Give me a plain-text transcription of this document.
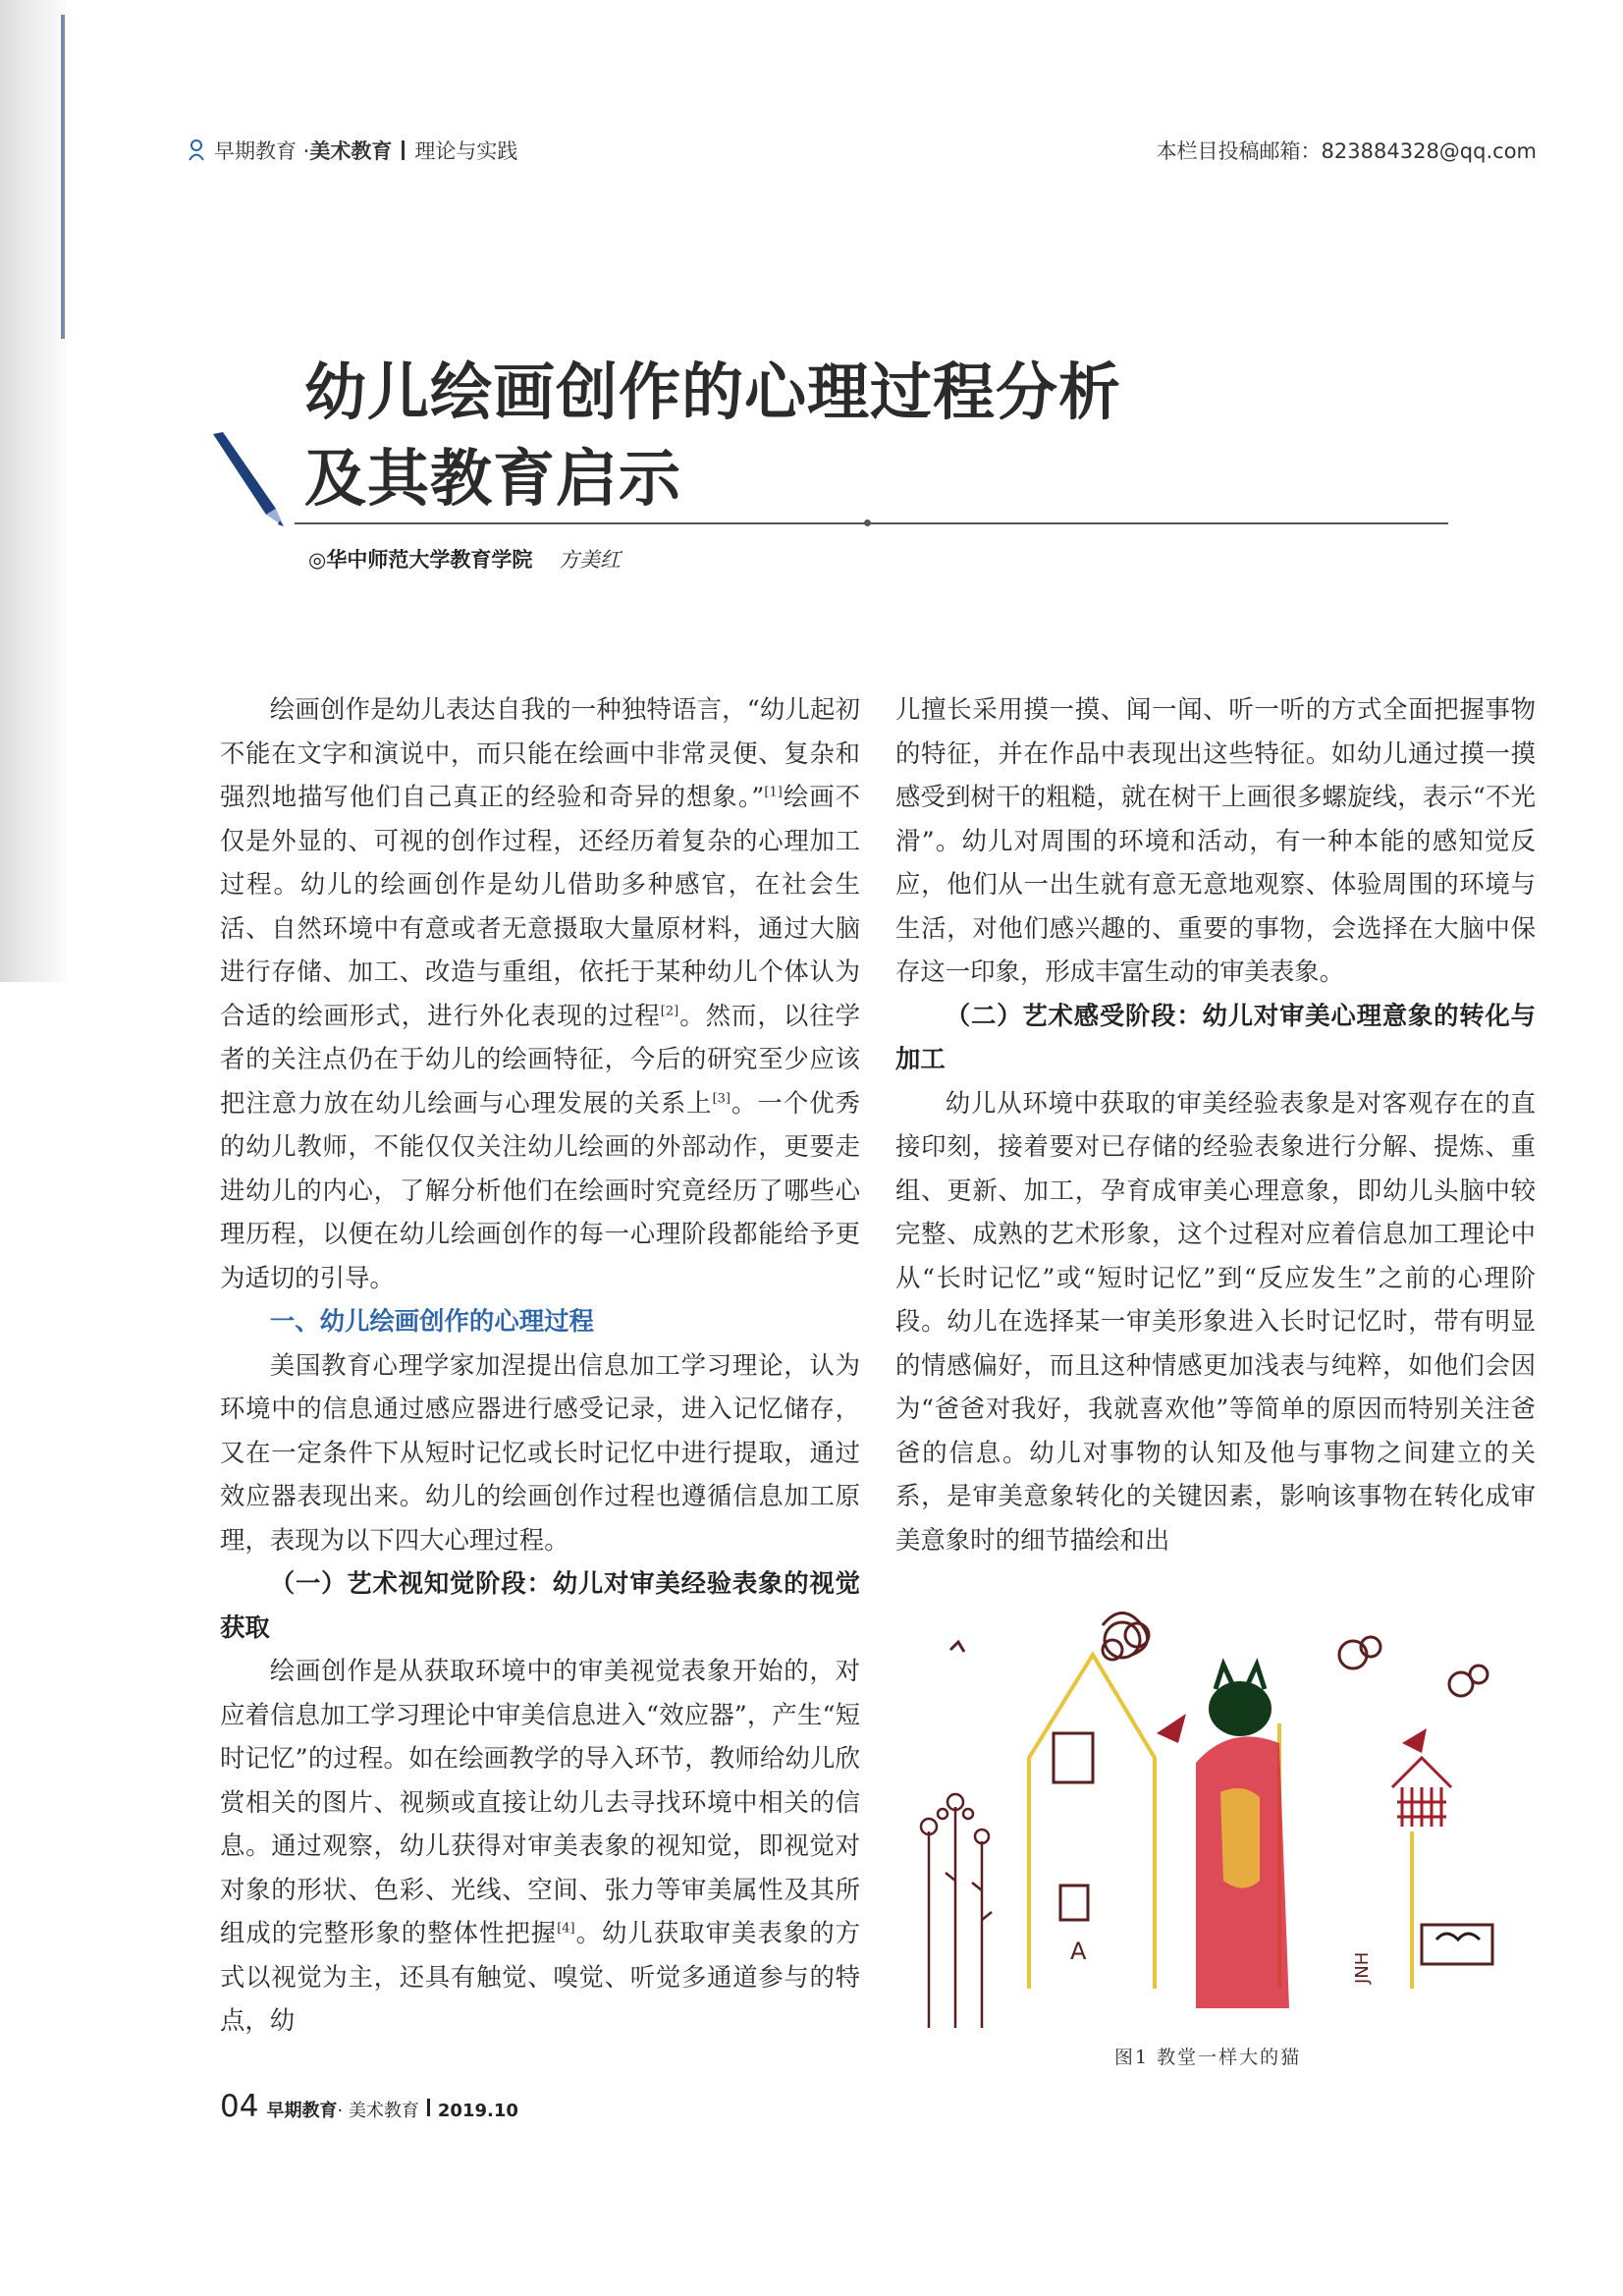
早期教育 · 美术教育 理论与实践	本栏目投稿邮箱：823884328@qq.com
幼儿绘画创作的心理过程分析
及其教育启示
◎华中师范大学教育学院 方美红

绘画创作是幼儿表达自我的一种独特语言，“幼儿起初不能在文字和演说中，而只能在绘画中非常灵便、复杂和强烈地描写他们自己真正的经验和奇异的想象。”[1]绘画不仅是外显的、可视的创作过程，还经历着复杂的心理加工过程。幼儿的绘画创作是幼儿借助多种感官，在社会生活、自然环境中有意或者无意摄取大量原材料，通过大脑进行存储、加工、改造与重组，依托于某种幼儿个体认为合适的绘画形式，进行外化表现的过程[2]。然而，以往学者的关注点仍在于幼儿的绘画特征，今后的研究至少应该把注意力放在幼儿绘画与心理发展的关系上[3]。一个优秀的幼儿教师，不能仅仅关注幼儿绘画的外部动作，更要走进幼儿的内心，了解分析他们在绘画时究竟经历了哪些心理历程，以便在幼儿绘画创作的每一心理阶段都能给予更为适切的引导。

一、幼儿绘画创作的心理过程

美国教育心理学家加涅提出信息加工学习理论，认为环境中的信息通过感应器进行感受记录，进入记忆储存，又在一定条件下从短时记忆或长时记忆中进行提取，通过效应器表现出来。幼儿的绘画创作过程也遵循信息加工原理，表现为以下四大心理过程。

（一）艺术视知觉阶段：幼儿对审美经验表象的视觉获取

绘画创作是从获取环境中的审美视觉表象开始的，对应着信息加工学习理论中审美信息进入“效应器”，产生“短时记忆”的过程。如在绘画教学的导入环节，教师给幼儿欣赏相关的图片、视频或直接让幼儿去寻找环境中相关的信息。通过观察，幼儿获得对审美表象的视知觉，即视觉对对象的形状、色彩、光线、空间、张力等审美属性及其所组成的完整形象的整体性把握[4]。幼儿获取审美表象的方式以视觉为主，还具有触觉、嗅觉、听觉多通道参与的特点，幼

儿擅长采用摸一摸、闻一闻、听一听的方式全面把握事物的特征，并在作品中表现出这些特征。如幼儿通过摸一摸感受到树干的粗糙，就在树干上画很多螺旋线，表示“不光滑”。幼儿对周围的环境和活动，有一种本能的感知觉反应，他们从一出生就有意无意地观察、体验周围的环境与生活，对他们感兴趣的、重要的事物，会选择在大脑中保存这一印象，形成丰富生动的审美表象。

（二）艺术感受阶段：幼儿对审美心理意象的转化与加工

幼儿从环境中获取的审美经验表象是对客观存在的直接印刻，接着要对已存储的经验表象进行分解、提炼、重组、更新、加工，孕育成审美心理意象，即幼儿头脑中较完整、成熟的艺术形象，这个过程对应着信息加工理论中从“长时记忆”或“短时记忆”到“反应发生”之前的心理阶段。幼儿在选择某一审美形象进入长时记忆时，带有明显的情感偏好，而且这种情感更加浅表与纯粹，如他们会因为“爸爸对我好，我就喜欢他”等简单的原因而特别关注爸爸的信息。幼儿对事物的认知及他与事物之间建立的关系，是审美意象转化的关键因素，影响该事物在转化成审美意象时的细节描绘和出

A
JNH
图1 教堂一样大的猫
04 早期教育 · 美术教育 2019.10
